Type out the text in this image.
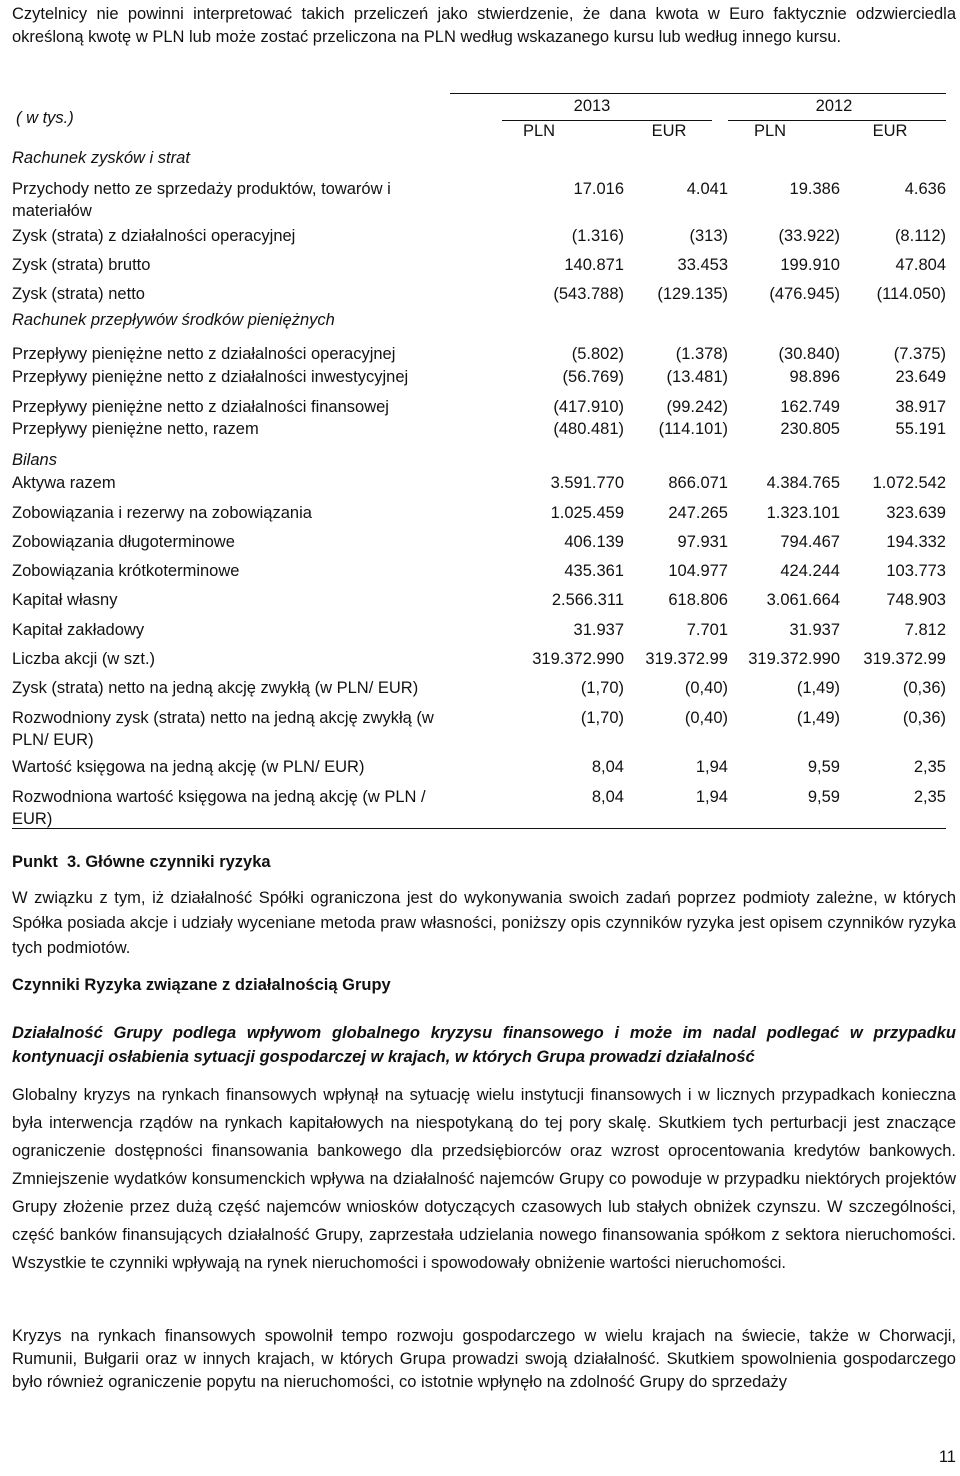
Czytelnicy nie powinni interpretować takich przeliczeń jako stwierdzenie, że dana kwota w Euro faktycznie odzwierciedla określoną kwotę w PLN lub może zostać przeliczona na PLN według wskazanego kursu lub według innego kursu.
( w tys.)
2013	2012
PLN	EUR	PLN	EUR
Rachunek zysków i strat
Przychody netto ze sprzedaży produktów, towarów i materiałów
17.016	4.041	19.386	4.636
Zysk (strata) z działalności operacyjnej	(1.316)	(313)	(33.922)	(8.112)
Zysk (strata) brutto	140.871	33.453	199.910	47.804
Zysk (strata) netto	(543.788)	(129.135)	(476.945)	(114.050)
Rachunek przepływów środków pieniężnych
Przepływy pieniężne netto z działalności operacyjnej	(5.802)	(1.378)	(30.840)	(7.375)
Przepływy pieniężne netto z działalności inwestycyjnej	(56.769)	(13.481)	98.896	23.649
Przepływy pieniężne netto z działalności finansowej	(417.910)	(99.242)	162.749	38.917
Przepływy pieniężne netto, razem	(480.481)	(114.101)	230.805	55.191
Bilans
Aktywa razem	3.591.770	866.071	4.384.765	1.072.542
Zobowiązania i rezerwy na zobowiązania	1.025.459	247.265	1.323.101	323.639
Zobowiązania długoterminowe	406.139	97.931	794.467	194.332
Zobowiązania krótkoterminowe	435.361	104.977	424.244	103.773
Kapitał własny	2.566.311	618.806	3.061.664	748.903
Kapitał zakładowy	31.937	7.701	31.937	7.812
Liczba akcji (w szt.)	319.372.990	319.372.99	319.372.990	319.372.99
Zysk (strata) netto na jedną akcję zwykłą (w PLN/ EUR)	(1,70)	(0,40)	(1,49)	(0,36)
Rozwodniony zysk (strata) netto na jedną akcję zwykłą (w PLN/ EUR)
(1,70)	(0,40)	(1,49)	(0,36)
Wartość księgowa na jedną akcję (w PLN/ EUR)	8,04	1,94	9,59	2,35
Rozwodniona wartość księgowa na jedną akcję (w PLN / EUR)
8,04	1,94	9,59	2,35
Punkt  3. Główne czynniki ryzyka
W związku z tym, iż działalność Spółki ograniczona jest do wykonywania swoich zadań poprzez podmioty zależne, w których Spółka posiada akcje i udziały wyceniane metoda praw własności, poniższy opis czynników ryzyka jest opisem czynników ryzyka tych podmiotów.
Czynniki Ryzyka związane z działalnością Grupy
Działalność Grupy podlega wpływom globalnego kryzysu finansowego i może im nadal podlegać w przypadku kontynuacji osłabienia sytuacji gospodarczej w krajach, w których Grupa prowadzi działalność
Globalny kryzys na rynkach finansowych wpłynął na sytuację wielu instytucji finansowych i w licznych przypadkach konieczna była interwencja rządów na rynkach kapitałowych na niespotykaną do tej pory skalę. Skutkiem tych perturbacji jest znaczące ograniczenie dostępności finansowania bankowego dla przedsiębiorców oraz wzrost oprocentowania kredytów bankowych. Zmniejszenie wydatków konsumenckich wpływa na działalność najemców Grupy co powoduje w przypadku niektórych projektów Grupy złożenie przez dużą część najemców wniosków dotyczących czasowych lub stałych obniżek czynszu. W szczególności, część banków finansujących działalność Grupy, zaprzestała udzielania nowego finansowania spółkom z sektora nieruchomości. Wszystkie te czynniki wpływają na rynek nieruchomości i spowodowały obniżenie wartości nieruchomości.
Kryzys na rynkach finansowych spowolnił tempo rozwoju gospodarczego w wielu krajach na świecie, także w Chorwacji, Rumunii, Bułgarii oraz w innych krajach, w których Grupa prowadzi swoją działalność. Skutkiem spowolnienia gospodarczego było również ograniczenie popytu na nieruchomości, co istotnie wpłynęło na zdolność Grupy do sprzedaży
11
